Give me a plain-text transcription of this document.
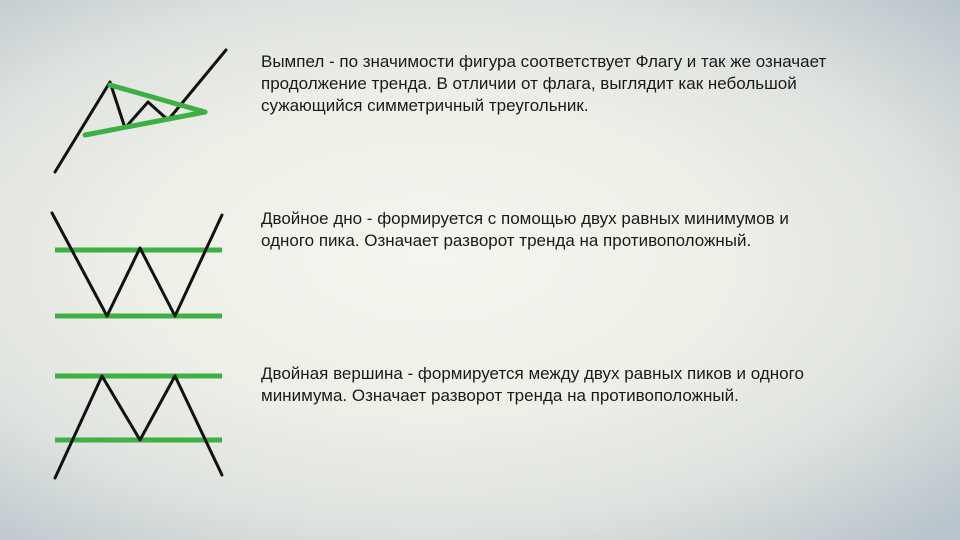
Вымпел - по значимости фигура соответствует Флагу и так же означает
продолжение тренда. В отличии от флага, выглядит как небольшой
сужающийся симметричный треугольник.

Двойное дно - формируется с помощью двух равных минимумов и
одного пика. Означает разворот тренда на противоположный.

Двойная вершина - формируется между двух равных пиков и одного
минимума. Означает разворот тренда на противоположный.
